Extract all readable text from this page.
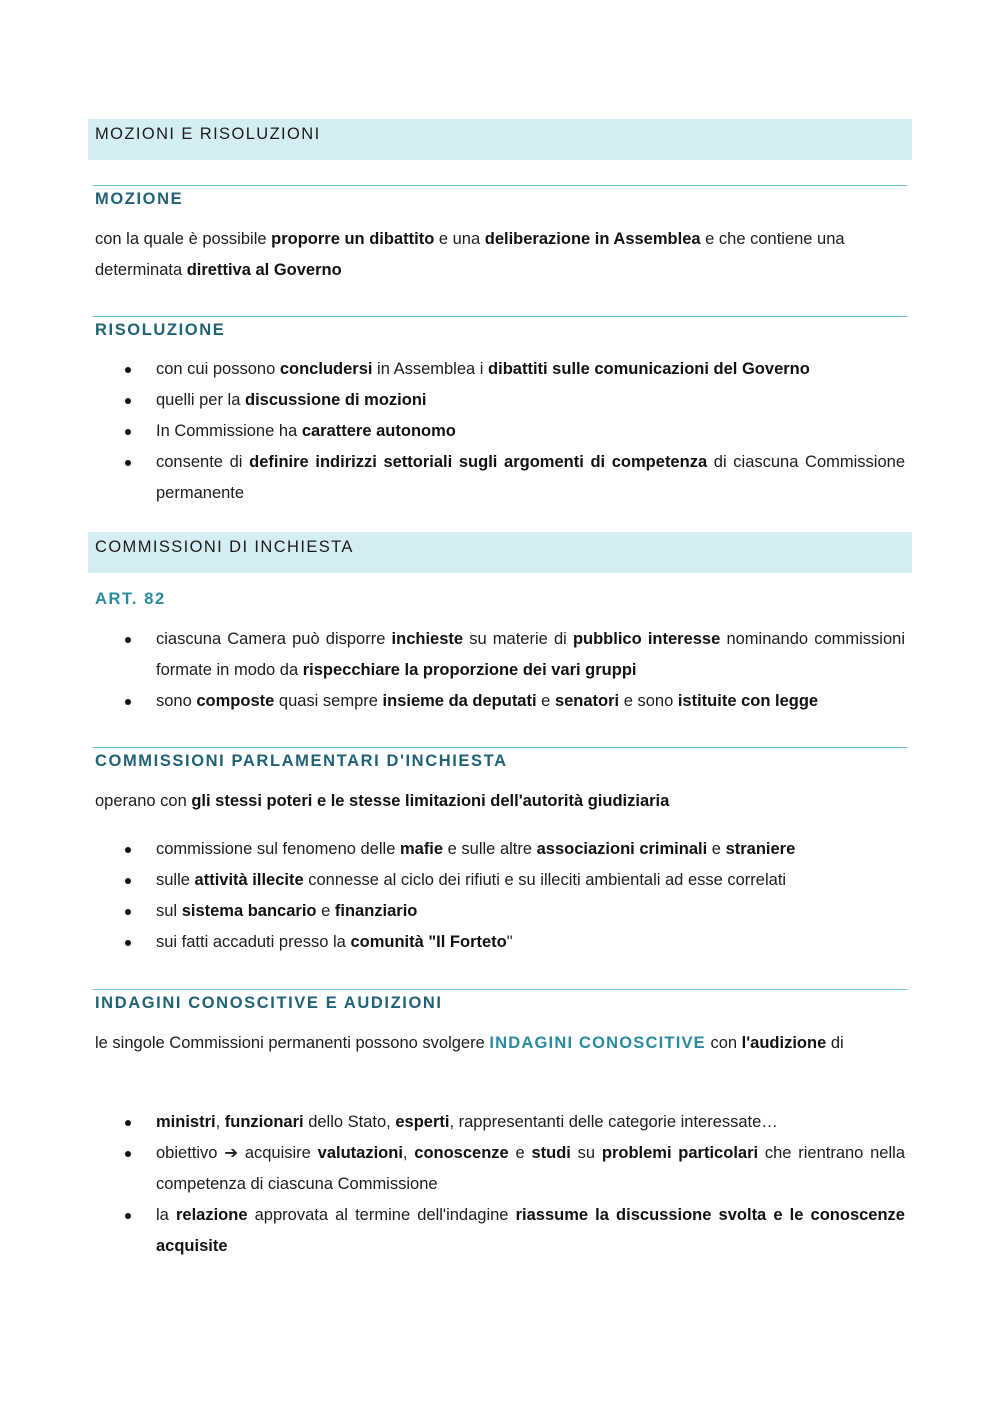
MOZIONI E RISOLUZIONI
MOZIONE
con la quale è possibile proporre un dibattito e una deliberazione in Assemblea e che contiene una determinata direttiva al Governo
RISOLUZIONE
con cui possono concludersi in Assemblea i dibattiti sulle comunicazioni del Governo
quelli per la discussione di mozioni
In Commissione ha carattere autonomo
consente di definire indirizzi settoriali sugli argomenti di competenza di ciascuna Commissione permanente
COMMISSIONI DI INCHIESTA
ART. 82
ciascuna Camera può disporre inchieste su materie di pubblico interesse nominando commissioni formate in modo da rispecchiare la proporzione dei vari gruppi
sono composte quasi sempre insieme da deputati e senatori e sono istituite con legge
COMMISSIONI PARLAMENTARI D'INCHIESTA
operano con gli stessi poteri e le stesse limitazioni dell'autorità giudiziaria
commissione sul fenomeno delle mafie e sulle altre associazioni criminali e straniere
sulle attività illecite connesse al ciclo dei rifiuti e su illeciti ambientali ad esse correlati
sul sistema bancario e finanziario
sui fatti accaduti presso la comunità "Il Forteto"
INDAGINI CONOSCITIVE E AUDIZIONI
le singole Commissioni permanenti possono svolgere INDAGINI CONOSCITIVE con l'audizione di
ministri, funzionari dello Stato, esperti, rappresentanti delle categorie interessate…
obiettivo ➔ acquisire valutazioni, conoscenze e studi su problemi particolari che rientrano nella competenza di ciascuna Commissione
la relazione approvata al termine dell'indagine riassume la discussione svolta e le conoscenze acquisite
